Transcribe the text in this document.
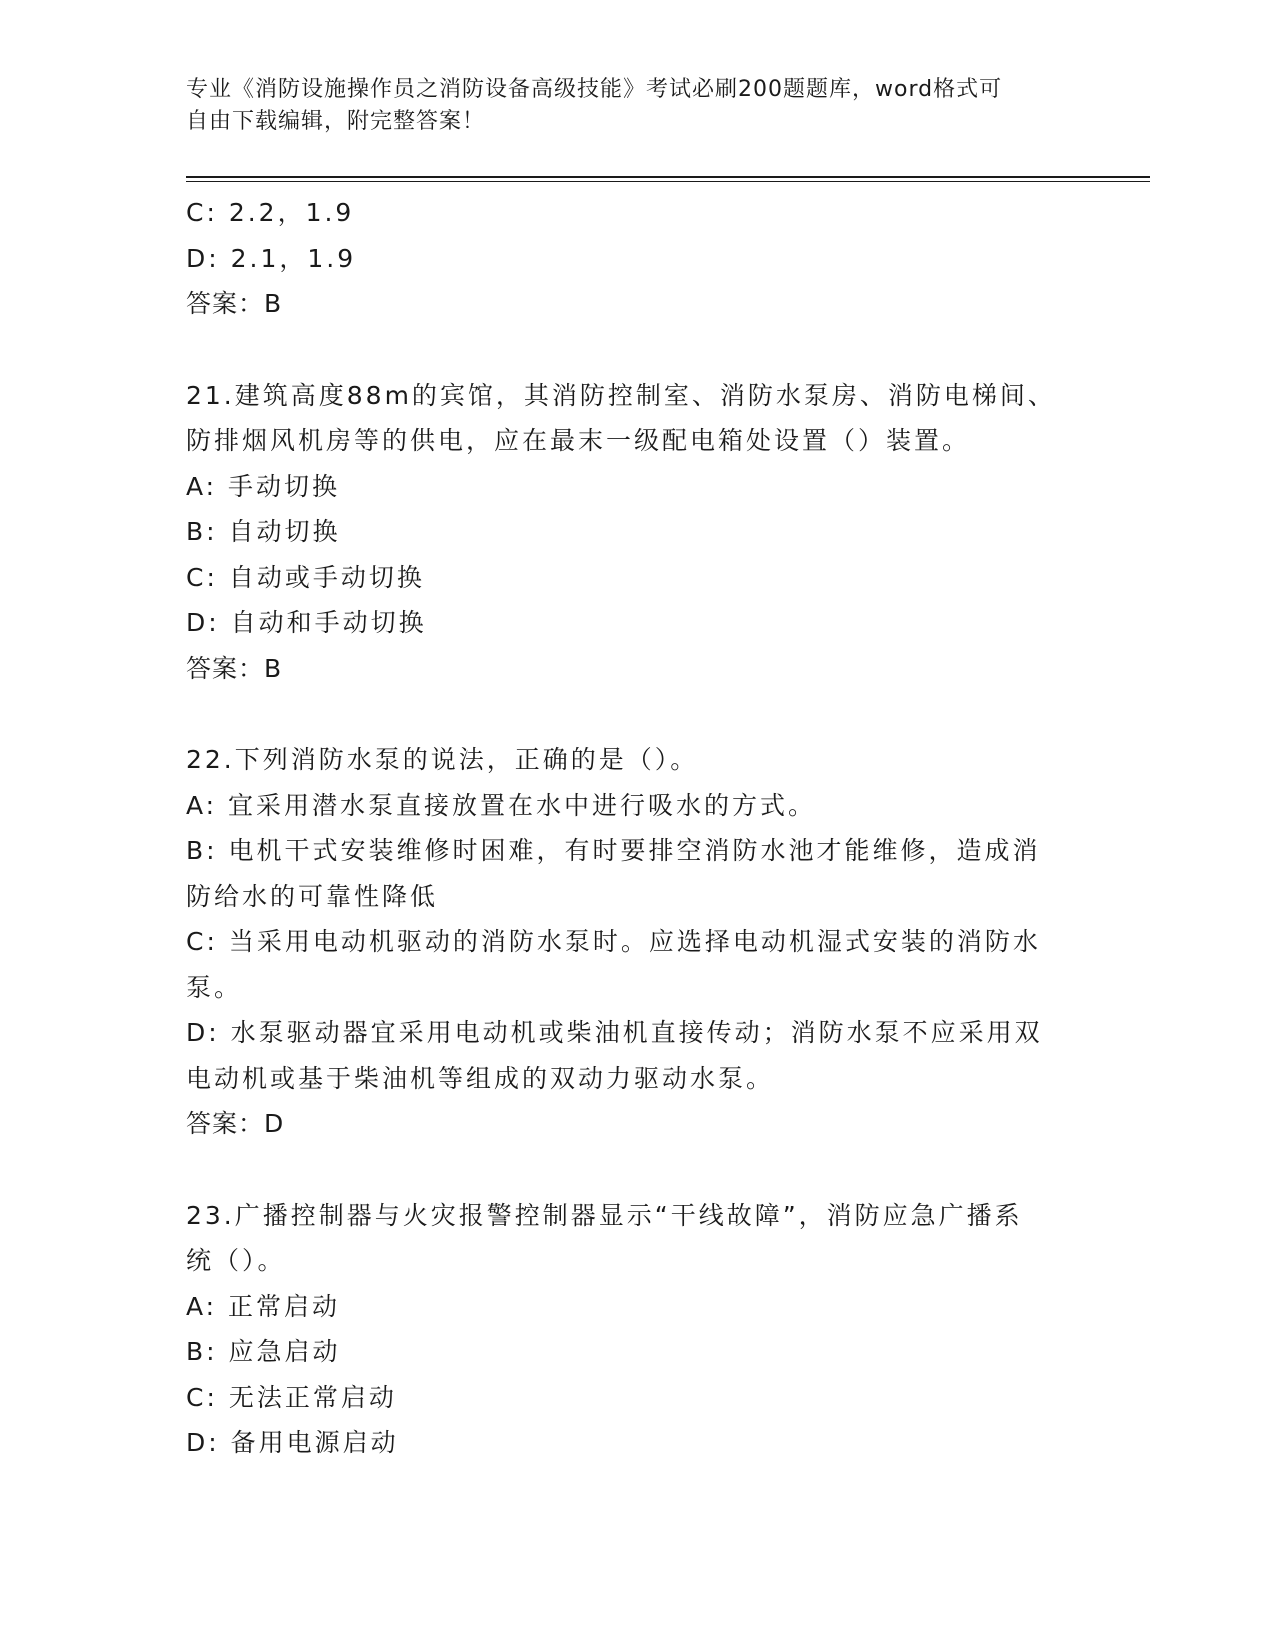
专业《消防设施操作员之消防设备高级技能》考试必刷200题题库，word格式可
自由下载编辑，附完整答案！
C: 2.2，1.9
D: 2.1，1.9
答案：B
21.建筑高度88m的宾馆，其消防控制室、消防水泵房、消防电梯间、
防排烟风机房等的供电，应在最末一级配电箱处设置（）装置。
A: 手动切换
B: 自动切换
C: 自动或手动切换
D: 自动和手动切换
答案：B
22.下列消防水泵的说法，正确的是（）。
A: 宜采用潜水泵直接放置在水中进行吸水的方式。
B: 电机干式安装维修时困难，有时要排空消防水池才能维修，造成消
防给水的可靠性降低
C: 当采用电动机驱动的消防水泵时。应选择电动机湿式安装的消防水
泵。
D: 水泵驱动器宜采用电动机或柴油机直接传动；消防水泵不应采用双
电动机或基于柴油机等组成的双动力驱动水泵。
答案：D
23.广播控制器与火灾报警控制器显示“干线故障”，消防应急广播系
统（）。
A: 正常启动
B: 应急启动
C: 无法正常启动
D: 备用电源启动
